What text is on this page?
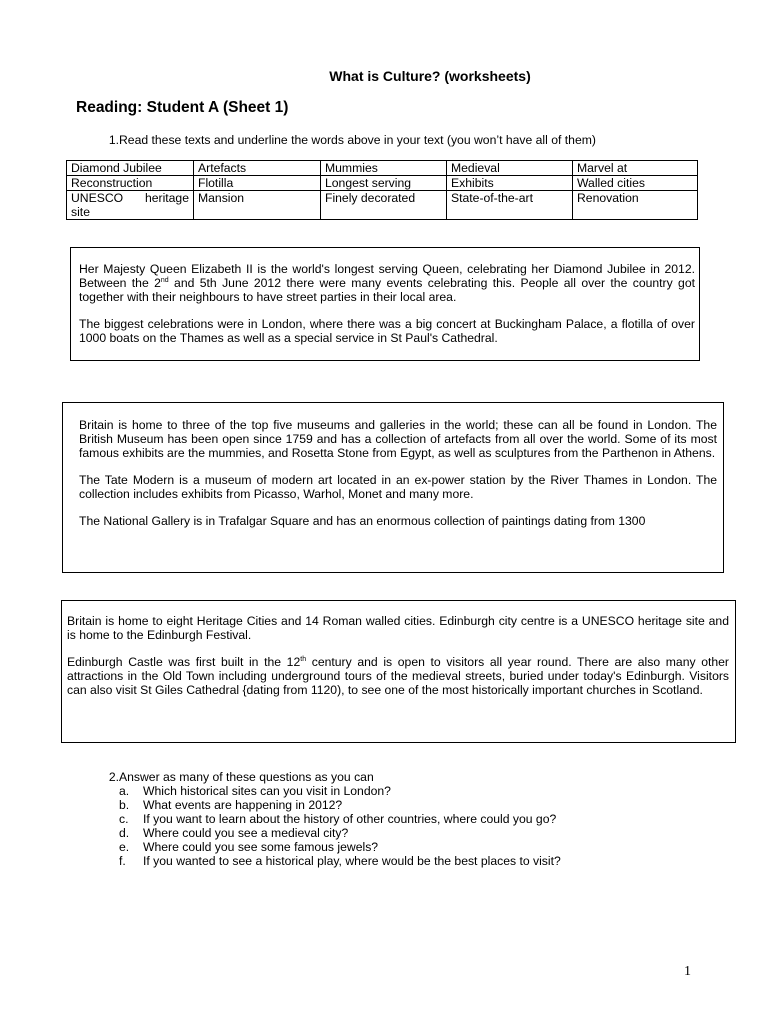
What is Culture? (worksheets)
Reading: Student A (Sheet 1)
1. Read these texts and underline the words above in your text (you won’t have all of them)
Diamond Jubilee	Artefacts	Mummies	Medieval	Marvel at
Reconstruction	Flotilla	Longest serving	Exhibits	Walled cities
UNESCO heritage site	Mansion	Finely decorated	State-of-the-art	Renovation

Her Majesty Queen Elizabeth II is the world's longest serving Queen, celebrating her Diamond Jubilee in 2012. Between the 2nd and 5th June 2012 there were many events celebrating this. People all over the country got together with their neighbours to have street parties in their local area.

The biggest celebrations were in London, where there was a big concert at Buckingham Palace, a flotilla of over 1000 boats on the Thames as well as a special service in St Paul's Cathedral.

Britain is home to three of the top five museums and galleries in the world; these can all be found in London. The British Museum has been open since 1759 and has a collection of artefacts from all over the world. Some of its most famous exhibits are the mummies, and Rosetta Stone from Egypt, as well as sculptures from the Parthenon in Athens.

The Tate Modern is a museum of modern art located in an ex-power station by the River Thames in London. The collection includes exhibits from Picasso, Warhol, Monet and many more.

The National Gallery is in Trafalgar Square and has an enormous collection of paintings dating from 1300

Britain is home to eight Heritage Cities and 14 Roman walled cities. Edinburgh city centre is a UNESCO heritage site and is home to the Edinburgh Festival.

Edinburgh Castle was first built in the 12th century and is open to visitors all year round. There are also many other attractions in the Old Town including underground tours of the medieval streets, buried under today's Edinburgh. Visitors can also visit St Giles Cathedral {dating from 1120), to see one of the most historically important churches in Scotland.

2. Answer as many of these questions as you can
a. Which historical sites can you visit in London?
b. What events are happening in 2012?
c. If you want to learn about the history of other countries, where could you go?
d. Where could you see a medieval city?
e. Where could you see some famous jewels?
f. If you wanted to see a historical play, where would be the best places to visit?
1
